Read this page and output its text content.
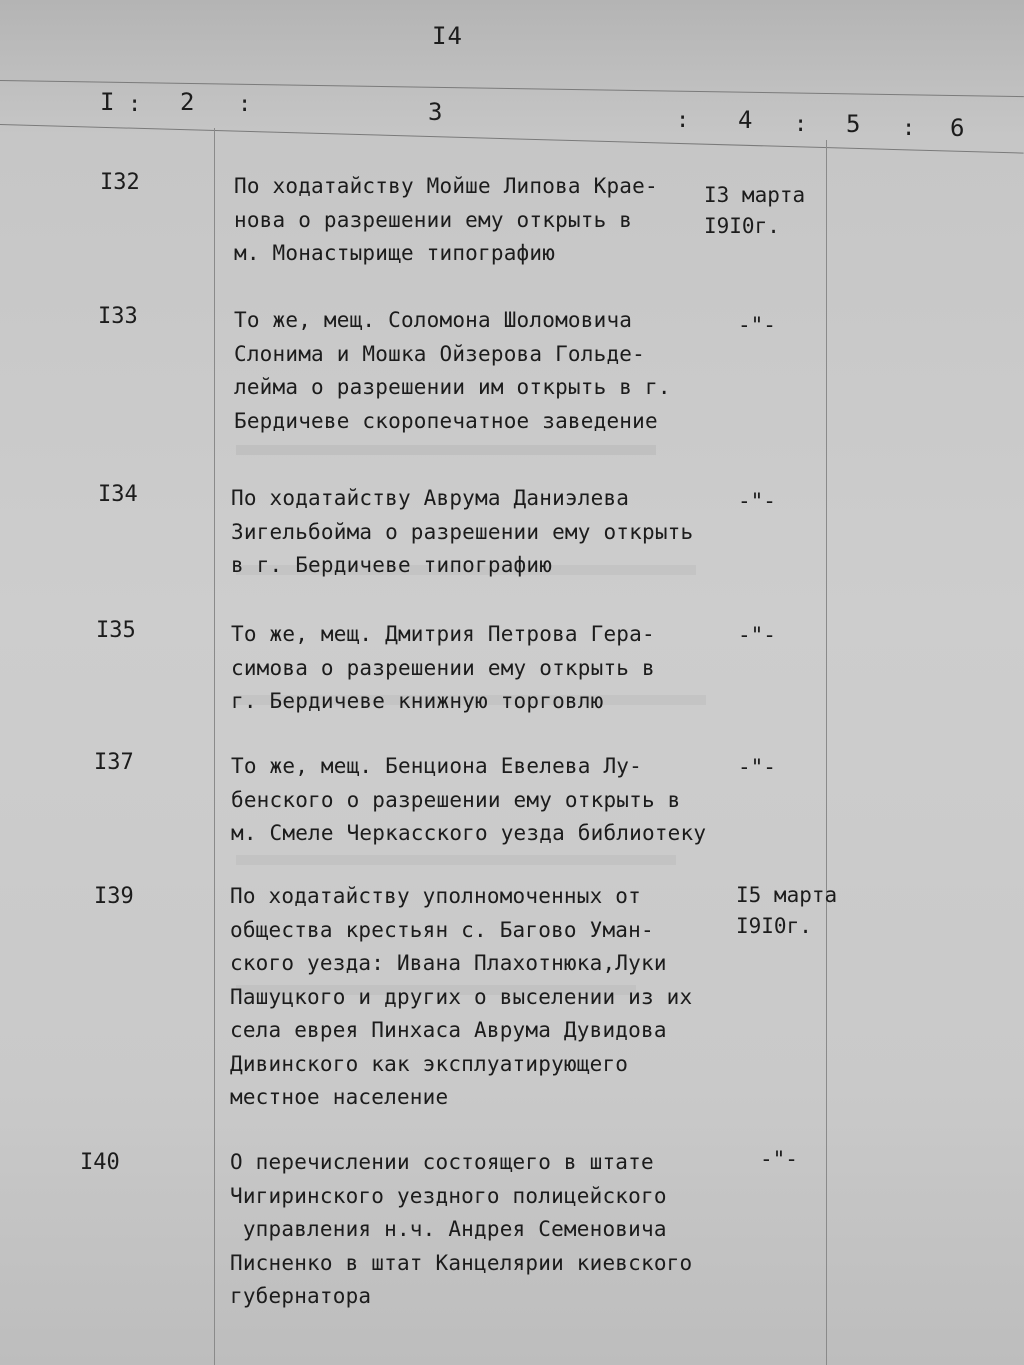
I4
I : 2 :	3	: 4 : 5 : 6
I32	По ходатайству Мойше Липова Крае-
нова о разрешении ему открыть в
м. Монастырище типографию
I3 марта
I9I0г.
I33	То же, мещ. Соломона Шоломовича
Слонима и Мошка Ойзерова Гольде-
лейма о разрешении им открыть в г.
Бердичеве скоропечатное заведение
-"-
I34	По ходатайству Аврума Даниэлева
Зигельбойма о разрешении ему открыть
в г. Бердичеве типографию
-"-
I35	То же, мещ. Дмитрия Петрова Гера-
симова о разрешении ему открыть в
г. Бердичеве книжную торговлю
-"-
I37	То же, мещ. Бенциона Евелева Лу-
бенского о разрешении ему открыть в
м. Смеле Черкасского уезда библиотеку
-"-
I39	По ходатайству уполномоченных от
общества крестьян с. Багово Уман-
ского уезда: Ивана Плахотнюка,Луки
Пашуцкого и других о выселении из их
села еврея Пинхаса Аврума Дувидова
Дивинского как эксплуатирующего
местное население
I5 марта
I9I0г.
I40	О перечислении состоящего в штате
Чигиринского уездного полицейского
управления н.ч. Андрея Семеновича
Писненко в штат Канцелярии киевского
губернатора
-"-
